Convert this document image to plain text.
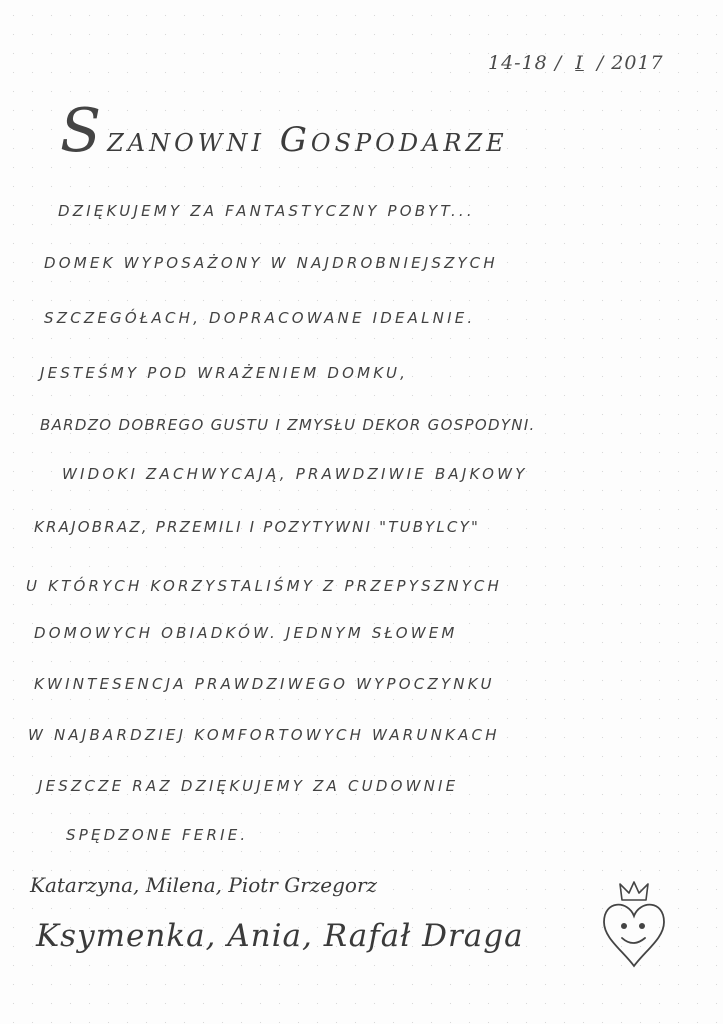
14-18 / I / 2017
Szanowni Gospodarze
DZIĘKUJEMY ZA FANTASTYCZNY POBYT...
DOMEK WYPOSAŻONY W NAJDROBNIEJSZYCH
SZCZEGÓŁACH, DOPRACOWANE IDEALNIE.
JESTEŚMY POD WRAŻENIEM DOMKU,
BARDZO DOBREGO GUSTU I ZMYSŁU DEKOR GOSPODYNI.
WIDOKI ZACHWYCAJĄ, PRAWDZIWIE BAJKOWY
KRAJOBRAZ, PRZEMILI I POZYTYWNI "TUBYLCY"
U KTÓRYCH KORZYSTALIŚMY Z PRZEPYSZNYCH
DOMOWYCH OBIADKÓW. JEDNYM SŁOWEM
KWINTESENCJA PRAWDZIWEGO WYPOCZYNKU
W NAJBARDZIEJ KOMFORTOWYCH WARUNKACH
JESZCZE RAZ DZIĘKUJEMY ZA CUDOWNIE
SPĘDZONE FERIE.
Katarzyna, Milena, Piotr Grzegorz
Ksymenka, Ania, Rafał Draga
